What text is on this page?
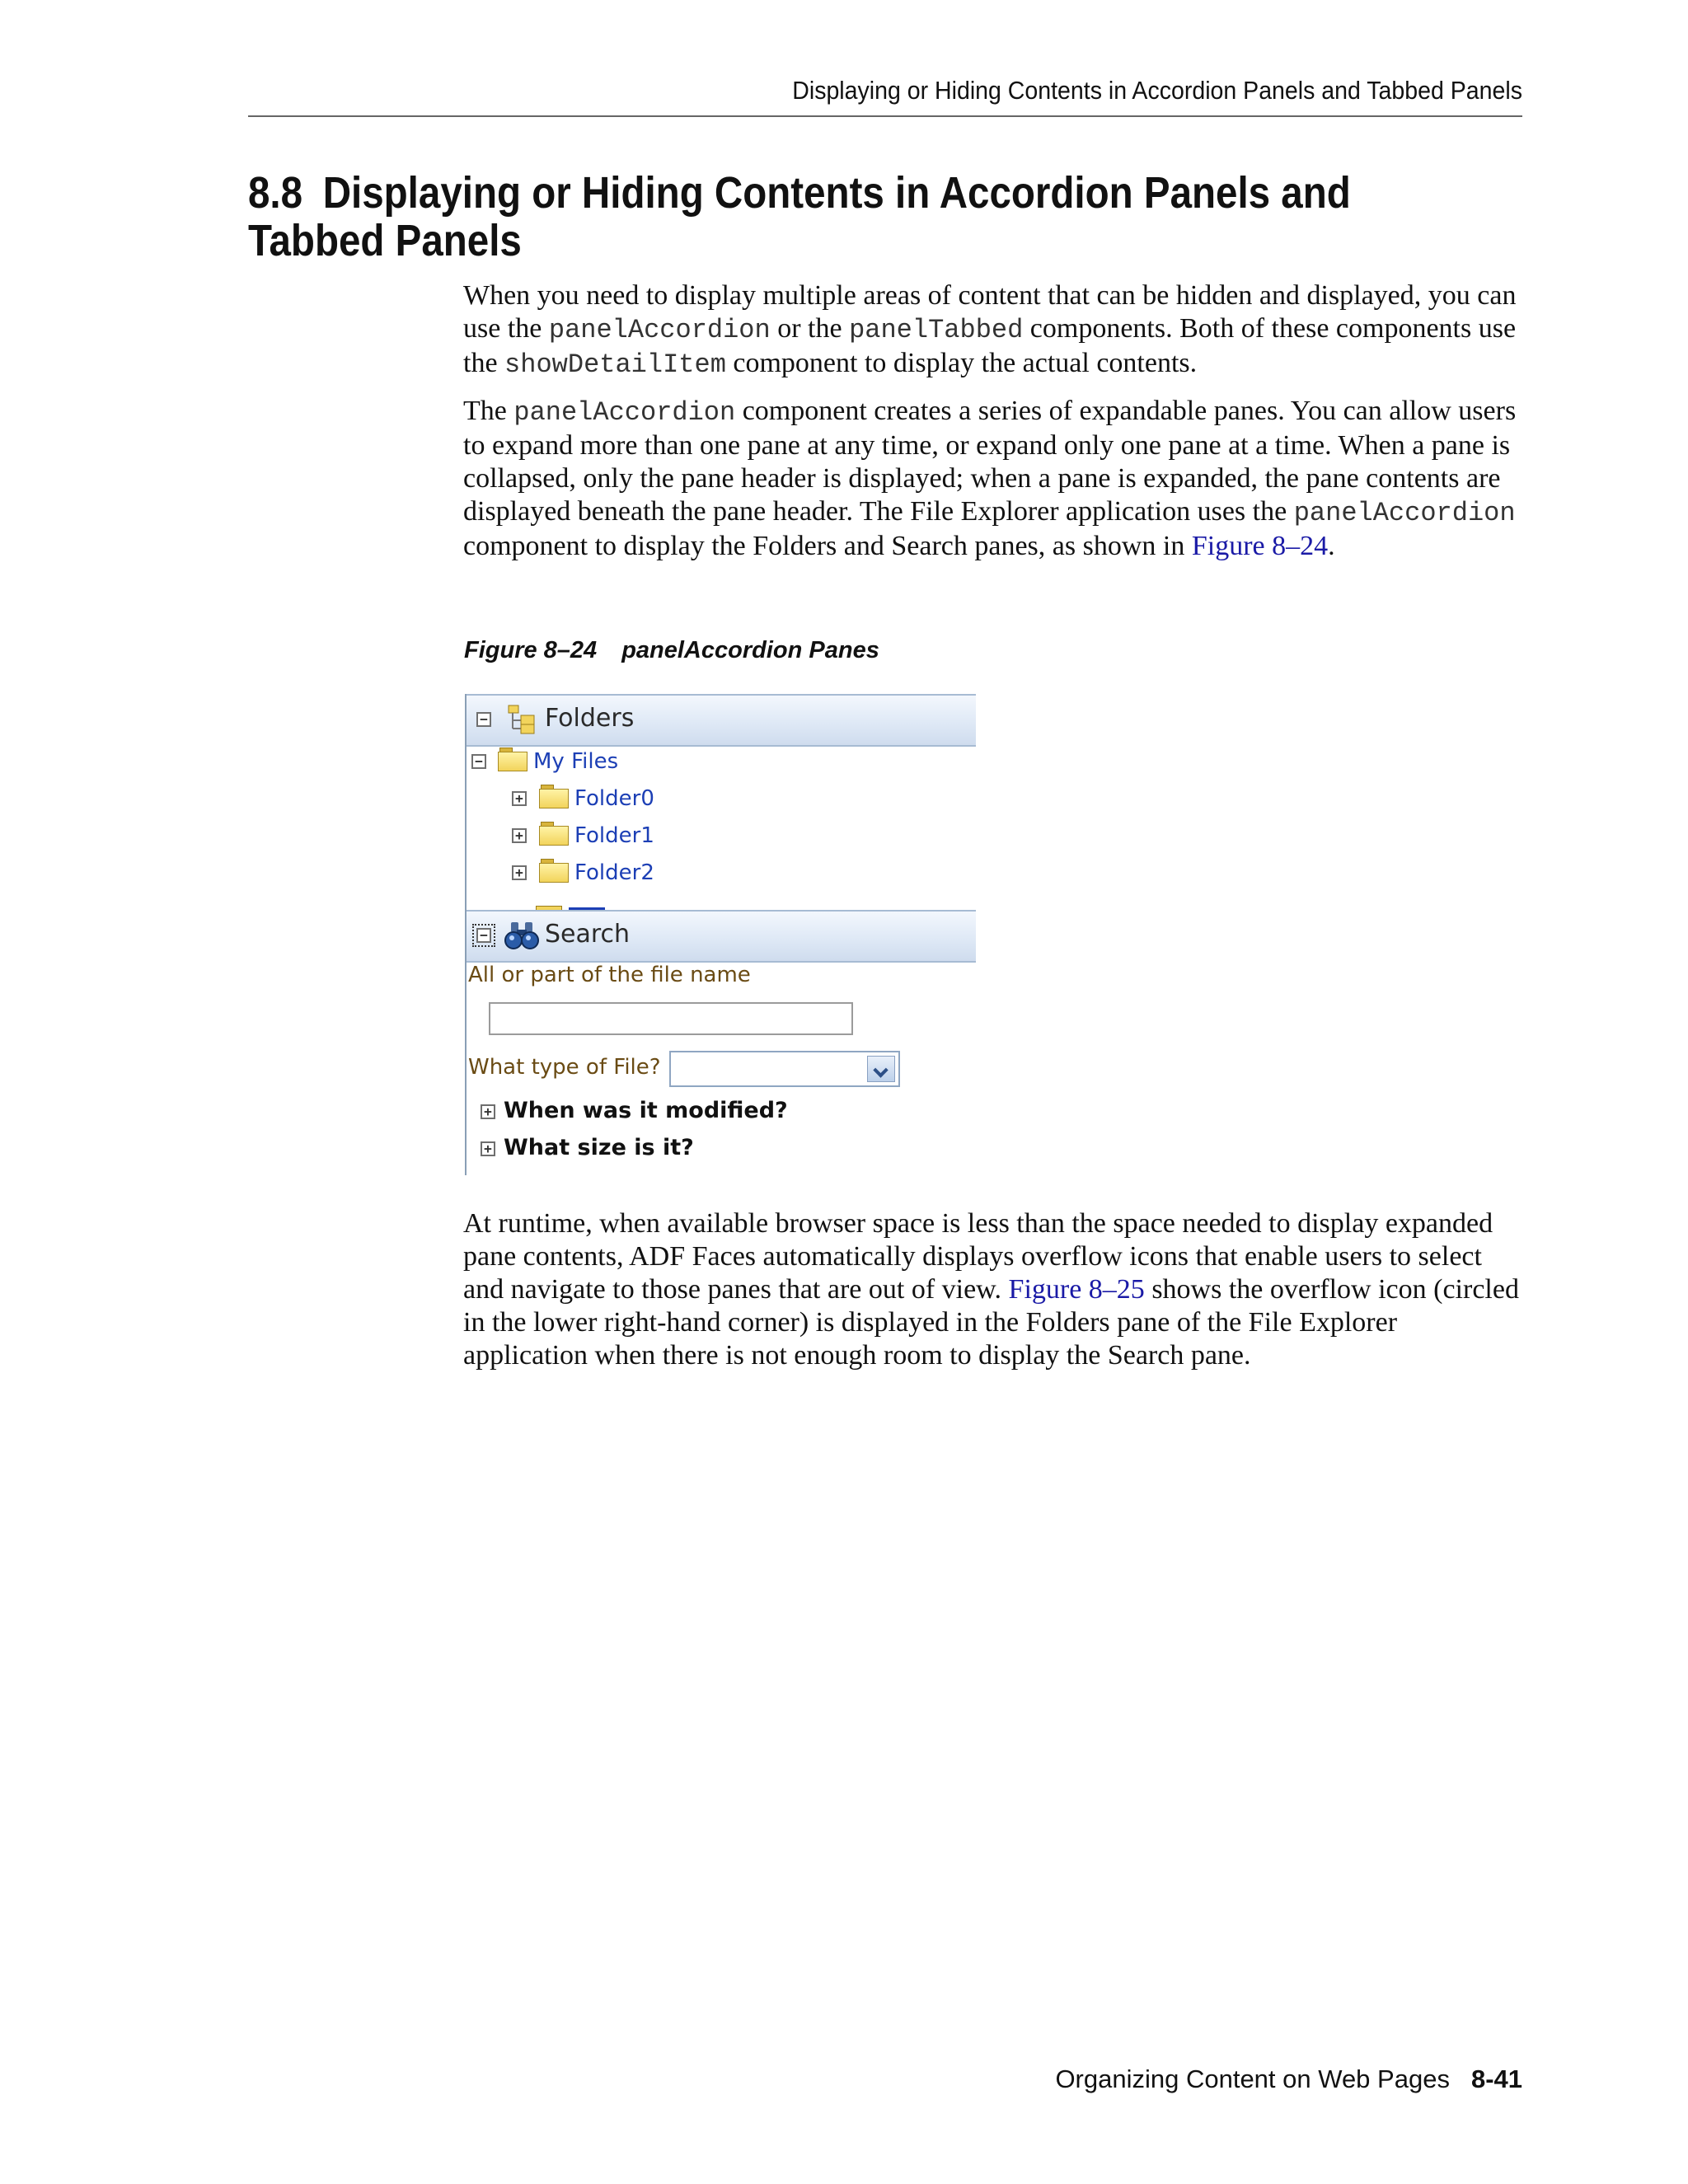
Displaying or Hiding Contents in Accordion Panels and Tabbed Panels
8.8 Displaying or Hiding Contents in Accordion Panels and Tabbed Panels

When you need to display multiple areas of content that can be hidden and displayed, you can use the panelAccordion or the panelTabbed components. Both of these components use the showDetailItem component to display the actual contents.

The panelAccordion component creates a series of expandable panes. You can allow users to expand more than one pane at any time, or expand only one pane at a time. When a pane is collapsed, only the pane header is displayed; when a pane is expanded, the pane contents are displayed beneath the pane header. The File Explorer application uses the panelAccordion component to display the Folders and Search panes, as shown in Figure 8–24.

Figure 8–24 panelAccordion Panes

− Folders
− My Files
+ Folder0
+ Folder1
+ Folder2
− Search
All or part of the file name
What type of File?
+ When was it modified?
+ What size is it?

At runtime, when available browser space is less than the space needed to display expanded pane contents, ADF Faces automatically displays overflow icons that enable users to select and navigate to those panes that are out of view. Figure 8–25 shows the overflow icon (circled in the lower right-hand corner) is displayed in the Folders pane of the File Explorer application when there is not enough room to display the Search pane.

Organizing Content on Web Pages 8-41
